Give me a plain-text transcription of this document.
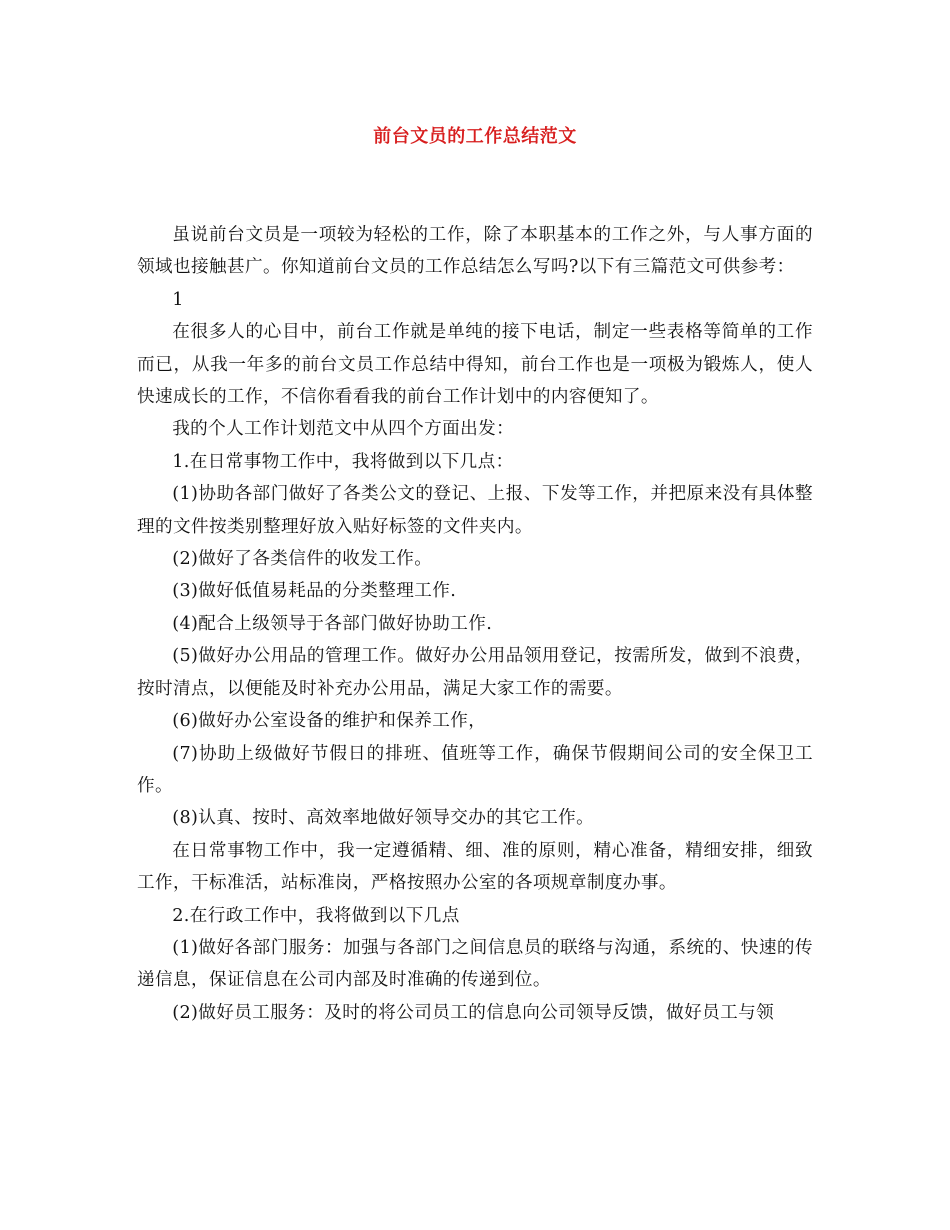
前台文员的工作总结范文

虽说前台文员是一项较为轻松的工作，除了本职基本的工作之外，与人事方面的领域也接触甚广。你知道前台文员的工作总结怎么写吗?以下有三篇范文可供参考：

1

在很多人的心目中，前台工作就是单纯的接下电话，制定一些表格等简单的工作而已，从我一年多的前台文员工作总结中得知，前台工作也是一项极为锻炼人，使人快速成长的工作，不信你看看我的前台工作计划中的内容便知了。

我的个人工作计划范文中从四个方面出发：

1.在日常事物工作中，我将做到以下几点：

(1)协助各部门做好了各类公文的登记、上报、下发等工作，并把原来没有具体整理的文件按类别整理好放入贴好标签的文件夹内。

(2)做好了各类信件的收发工作。

(3)做好低值易耗品的分类整理工作.

(4)配合上级领导于各部门做好协助工作.

(5)做好办公用品的管理工作。做好办公用品领用登记，按需所发，做到不浪费，按时清点，以便能及时补充办公用品，满足大家工作的需要。

(6)做好办公室设备的维护和保养工作，

(7)协助上级做好节假日的排班、值班等工作，确保节假期间公司的安全保卫工作。

(8)认真、按时、高效率地做好领导交办的其它工作。

在日常事物工作中，我一定遵循精、细、准的原则，精心准备，精细安排，细致工作，干标准活，站标准岗，严格按照办公室的各项规章制度办事。

2.在行政工作中，我将做到以下几点

(1)做好各部门服务：加强与各部门之间信息员的联络与沟通，系统的、快速的传递信息，保证信息在公司内部及时准确的传递到位。

(2)做好员工服务：及时的将公司员工的信息向公司领导反馈，做好员工与领
